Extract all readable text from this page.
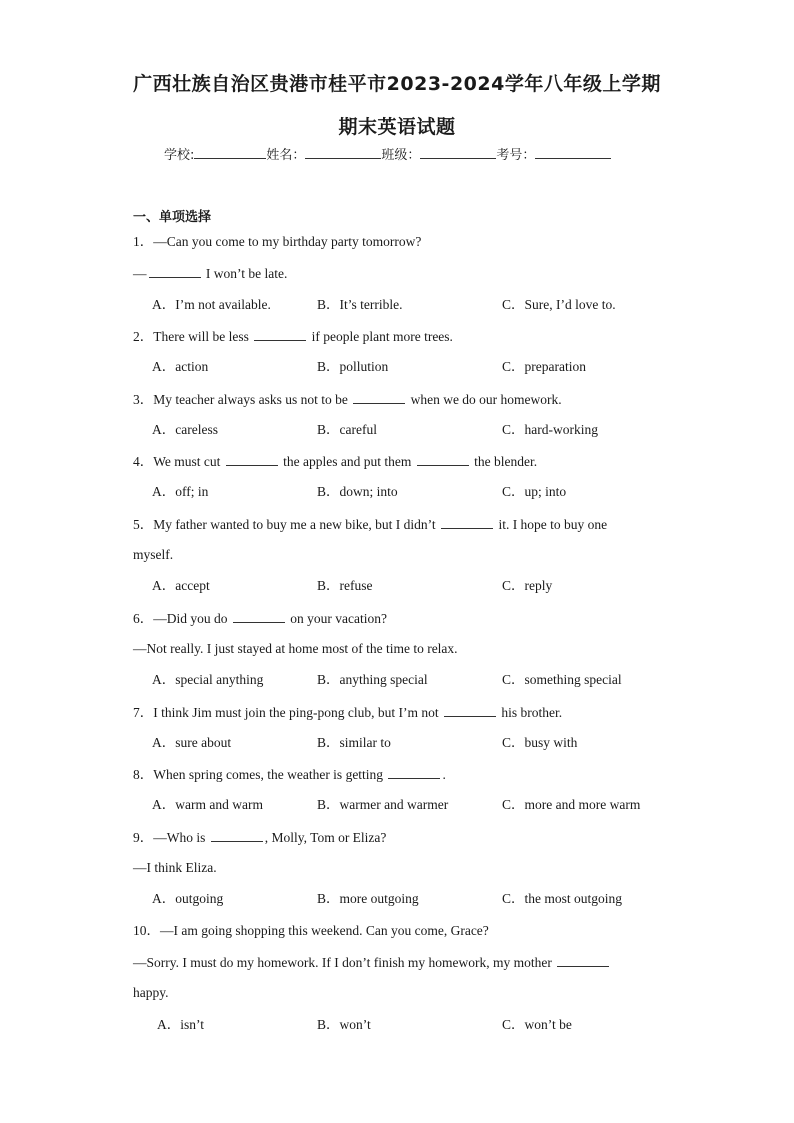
广西壮族自治区贵港市桂平市2023-2024学年八年级上学期
期末英语试题
学校:	姓名：	班级：	考号：
一、单项选择
1．—Can you come to my birthday party tomorrow?
—	I won’t be late.
A．I’m not available.	B．It’s terrible.	C．Sure, I’d love to.
2．There will be less	if people plant more trees.
A．action	B．pollution	C．preparation
3．My teacher always asks us not to be	when we do our homework.
A．careless	B．careful	C．hard-working
4．We must cut	the apples and put them	the blender.
A．off; in	B．down; into	C．up; into
5．My father wanted to buy me a new bike, but I didn’t	it. I hope to buy one
myself.
A．accept	B．refuse	C．reply
6．—Did you do	on your vacation?
—Not really. I just stayed at home most of the time to relax.
A．special anything	B．anything special	C．something special
7．I think Jim must join the ping-pong club, but I’m not	his brother.
A．sure about	B．similar to	C．busy with
8．When spring comes, the weather is getting	.
A．warm and warm	B．warmer and warmer	C．more and more warm
9．—Who is	, Molly, Tom or Eliza?
—I think Eliza.
A．outgoing	B．more outgoing	C．the most outgoing
10．—I am going shopping this weekend. Can you come, Grace?
—Sorry. I must do my homework. If I don’t finish my homework, my mother
happy.
A．isn’t	B．won’t	C．won’t be
